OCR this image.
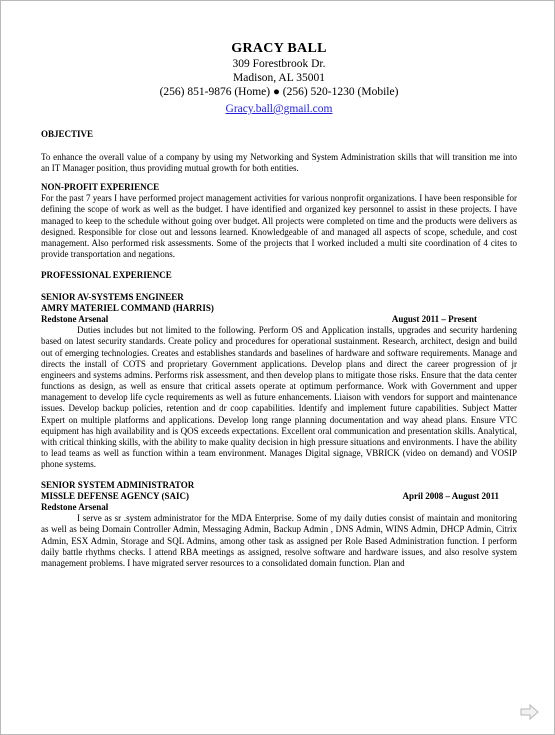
GRACY BALL
309 Forestbrook Dr.
Madison, AL 35001
(256) 851-9876 (Home) ● (256) 520-1230 (Mobile)
Gracy.ball@gmail.com
OBJECTIVE
To enhance the overall value of a company by using my Networking and System Administration skills that will transition me into an IT Manager position, thus providing mutual growth for both entities.
NON-PROFIT EXPERIENCE
For the past 7 years I have performed project management activities for various nonprofit organizations. I have been responsible for defining the scope of work as well as the budget. I have identified and organized key personnel to assist in these projects. I have managed to keep to the schedule without going over budget. All projects were completed on time and the products were delivers as designed. Responsible for close out and lessons learned. Knowledgeable of and managed all aspects of scope, schedule, and cost management. Also performed risk assessments. Some of the projects that I worked included a multi site coordination of 4 cites to provide transportation and negations.
PROFESSIONAL EXPERIENCE
SENIOR AV-SYSTEMS ENGINEER
AMRY MATERIEL COMMAND (HARRIS)
Redstone Arsenal	August 2011 – Present
Duties includes but not limited to the following. Perform OS and Application installs, upgrades and security hardening based on latest security standards. Create policy and procedures for operational sustainment. Research, architect, design and build out of emerging technologies. Creates and establishes standards and baselines of hardware and software requirements. Manage and directs the install of COTS and proprietary Government applications. Develop plans and direct the career progression of jr engineers and systems admins. Performs risk assessment, and then develop plans to mitigate those risks. Ensure that the data center functions as design, as well as ensure that critical assets operate at optimum performance. Work with Government and upper management to develop life cycle requirements as well as future enhancements. Liaison with vendors for support and maintenance issues. Develop backup policies, retention and dr coop capabilities. Identify and implement future capabilities. Subject Matter Expert on multiple platforms and applications. Develop long range planning documentation and way ahead plans. Ensure VTC equipment has high availability and is QOS exceeds expectations. Excellent oral communication and presentation skills. Analytical, with critical thinking skills, with the ability to make quality decision in high pressure situations and environments. I have the ability to lead teams as well as function within a team environment. Manages Digital signage, VBRICK (video on demand) and VOSIP phone systems.
SENIOR SYSTEM ADMINISTRATOR
MISSLE DEFENSE AGENCY (SAIC)	April 2008 – August 2011
Redstone Arsenal
I serve as sr .system administrator for the MDA Enterprise. Some of my daily duties consist of maintain and monitoring as well as being Domain Controller Admin, Messaging Admin, Backup Admin , DNS Admin, WINS Admin, DHCP Admin, Citrix Admin, ESX Admin, Storage and SQL Admins, among other task as assigned per Role Based Administration function. I perform daily battle rhythms checks. I attend RBA meetings as assigned, resolve software and hardware issues, and also resolve system management problems. I have migrated server resources to a consolidated domain function. Plan and
